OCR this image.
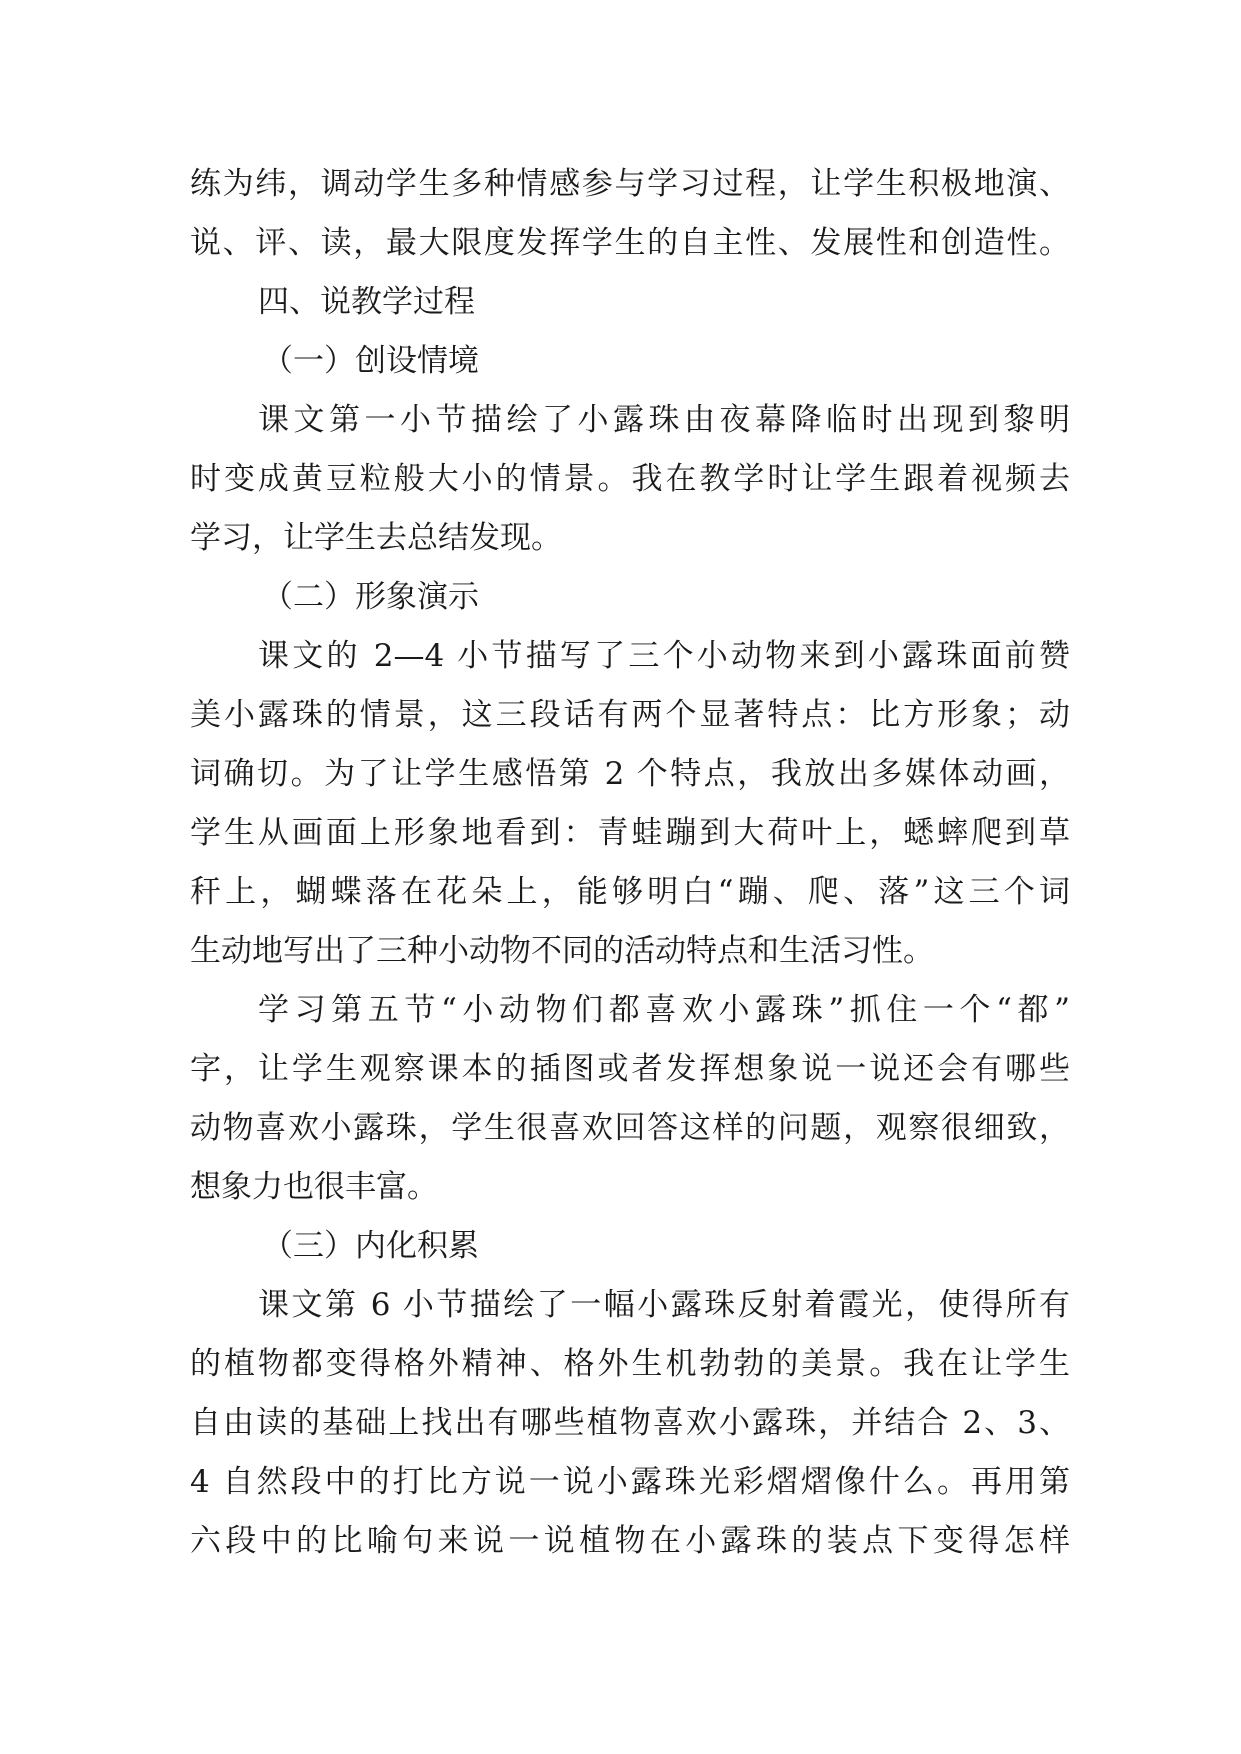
练为纬，调动学生多种情感参与学习过程，让学生积极地演、
说、评、读，最大限度发挥学生的自主性、发展性和创造性。
四、说教学过程
（一）创设情境
课文第一小节描绘了小露珠由夜幕降临时出现到黎明
时变成黄豆粒般大小的情景。我在教学时让学生跟着视频去
学习，让学生去总结发现。
（二）形象演示
课文的 2—4 小节描写了三个小动物来到小露珠面前赞
美小露珠的情景，这三段话有两个显著特点：比方形象；动
词确切。为了让学生感悟第 2 个特点，我放出多媒体动画，
学生从画面上形象地看到：青蛙蹦到大荷叶上，蟋蟀爬到草
秆上，蝴蝶落在花朵上，能够明白“蹦、爬、落”这三个词
生动地写出了三种小动物不同的活动特点和生活习性。
学习第五节“小动物们都喜欢小露珠”抓住一个“都”
字，让学生观察课本的插图或者发挥想象说一说还会有哪些
动物喜欢小露珠，学生很喜欢回答这样的问题，观察很细致，
想象力也很丰富。
（三）内化积累
课文第 6 小节描绘了一幅小露珠反射着霞光，使得所有
的植物都变得格外精神、格外生机勃勃的美景。我在让学生
自由读的基础上找出有哪些植物喜欢小露珠，并结合 2、3、
4 自然段中的打比方说一说小露珠光彩熠熠像什么。再用第
六段中的比喻句来说一说植物在小露珠的装点下变得怎样
